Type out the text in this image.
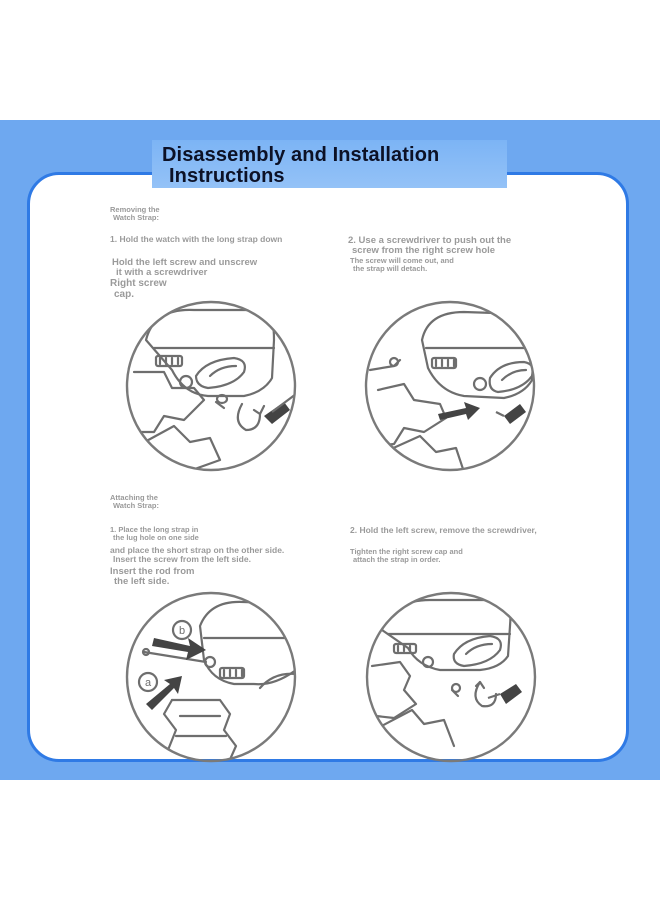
Disassembly and Installation
Instructions
Removing the
Watch Strap:
1. Hold the watch with the long strap down
Hold the left screw and unscrew
it with a screwdriver
Right screw
cap.
2. Use a screwdriver to push out the
screw from the right screw hole
The screw will come out, and
the strap will detach.
Attaching the
Watch Strap:
1. Place the long strap in
the lug hole on one side
and place the short strap on the other side.
Insert the screw from the left side.
Insert the rod from
the left side.
2. Hold the left screw, remove the screwdriver,
Tighten the right screw cap and
attach the strap in order.
b
a
